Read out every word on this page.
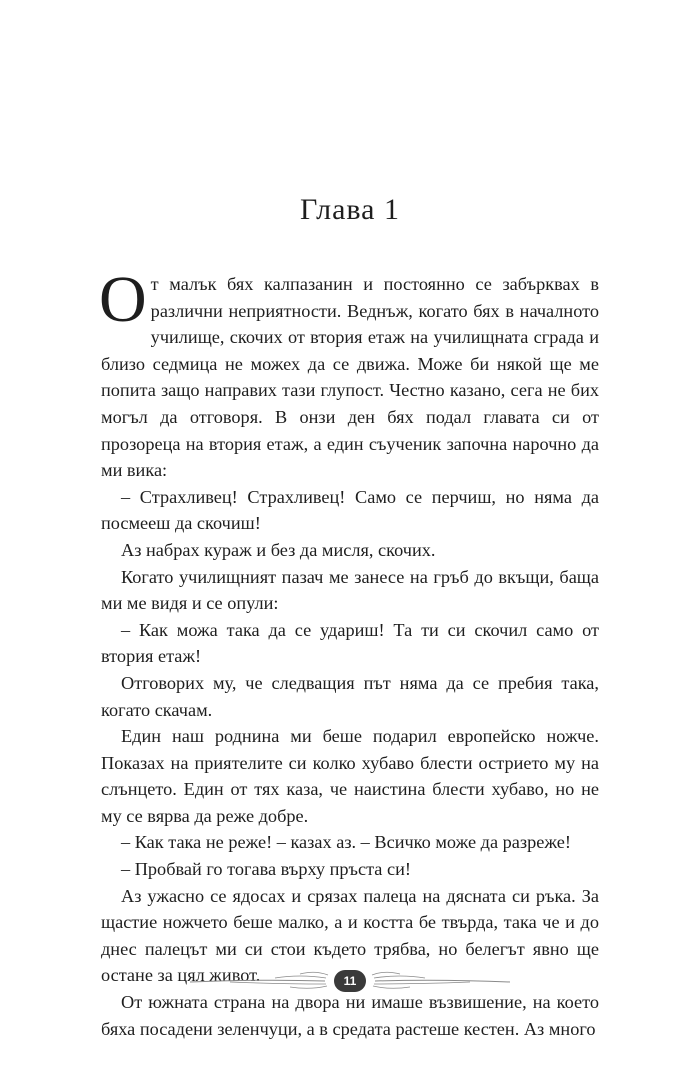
Глава 1

От малък бях калпазанин и постоянно се забърквах в различни неприятности. Веднъж, когато бях в началното училище, скочих от втория етаж на училищната сграда и близо седмица не можех да се движа. Може би някой ще ме попита защо направих тази глупост. Честно казано, сега не бих могъл да отговоря. В онзи ден бях подал главата си от прозореца на втория етаж, а един съученик започна нарочно да ми вика:

– Страхливец! Страхливец! Само се перчиш, но няма да посмееш да скочиш!

Аз набрах кураж и без да мисля, скочих.

Когато училищният пазач ме занесе на гръб до вкъщи, баща ми ме видя и се опули:

– Как можа така да се удариш! Та ти си скочил само от втория етаж!

Отговорих му, че следващия път няма да се пребия така, когато скачам.

Един наш роднина ми беше подарил европейско ножче. Показах на приятелите си колко хубаво блести острието му на слънцето. Един от тях каза, че наистина блести хубаво, но не му се вярва да реже добре.

– Как така не реже! – казах аз. – Всичко може да разреже!

– Пробвай го тогава върху пръста си!

Аз ужасно се ядосах и срязах палеца на дясната си ръка. За щастие ножчето беше малко, а и костта бе твърда, така че и до днес палецът ми си стои където трябва, но белегът явно ще остане за цял живот.

От южната страна на двора ни имаше възвишение, на което бяха посадени зеленчуци, а в средата растеше кестен. Аз много

11
